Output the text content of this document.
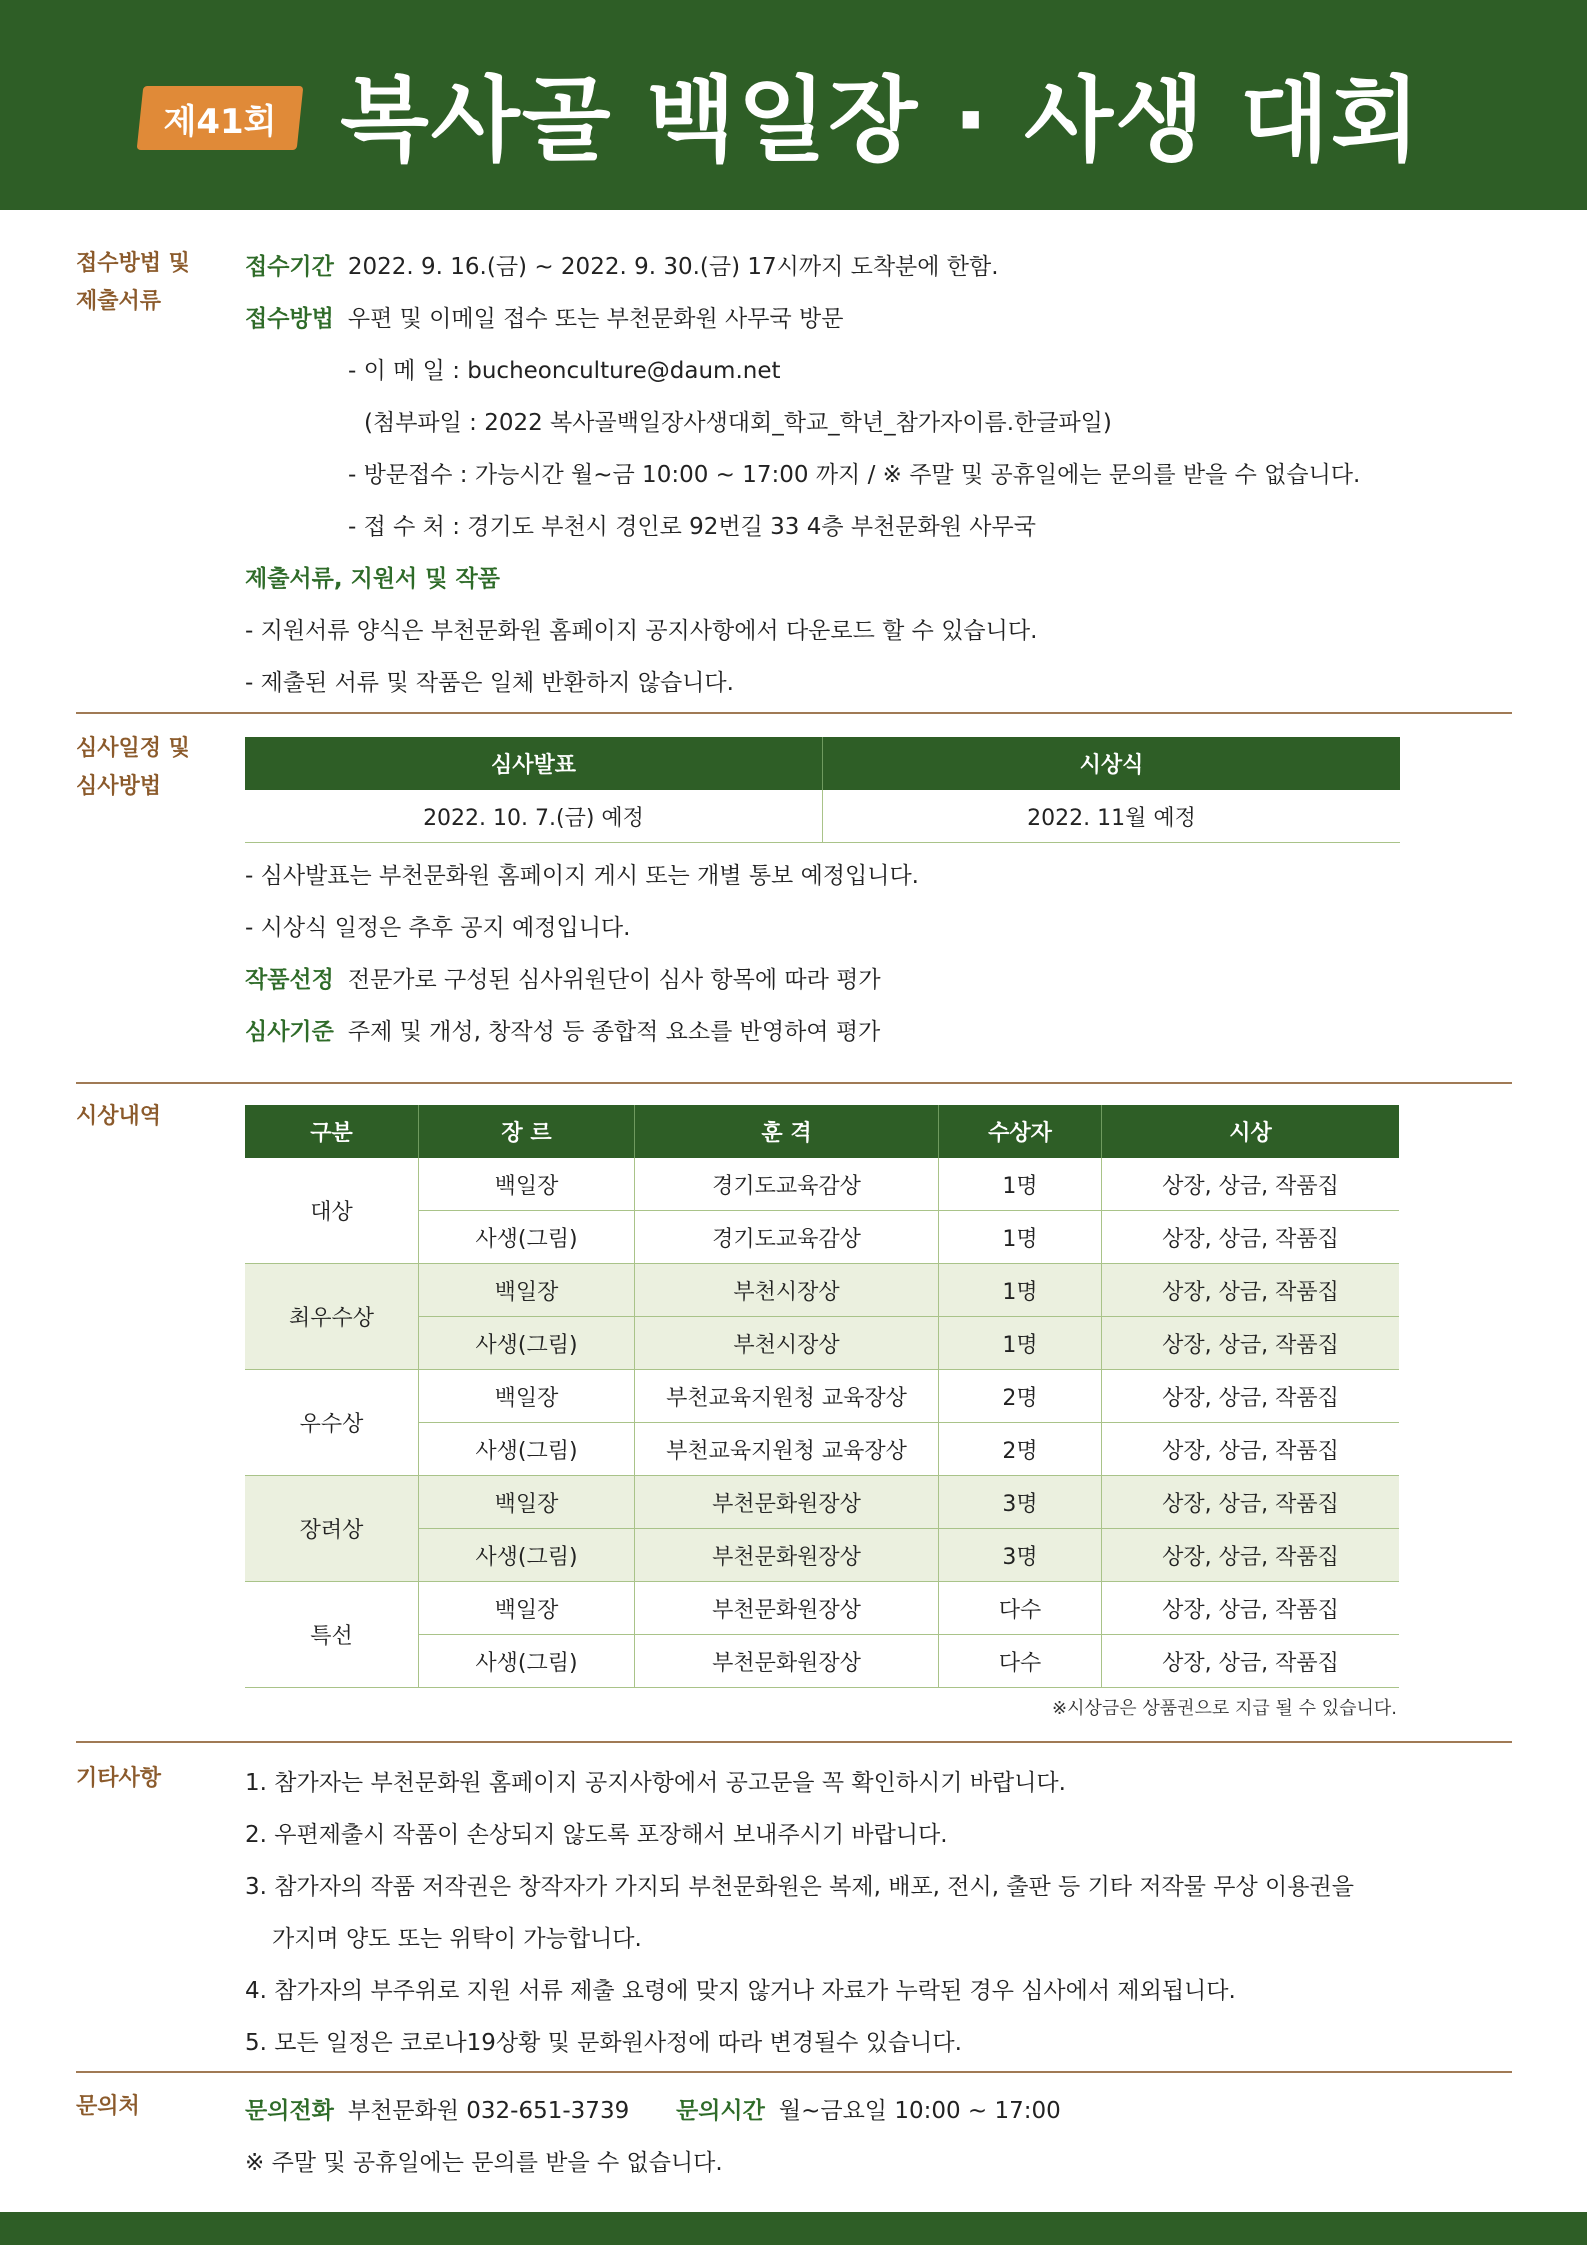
제41회 복사골 백일장 · 사생 대회
접수방법 및
제출서류
접수기간 2022. 9. 16.(금) ~ 2022. 9. 30.(금) 17시까지 도착분에 한함.
접수방법 우편 및 이메일 접수 또는 부천문화원 사무국 방문
- 이 메 일 : bucheonculture@daum.net
(첨부파일 : 2022 복사골백일장사생대회_학교_학년_참가자이름.한글파일)
- 방문접수 : 가능시간 월~금 10:00 ~ 17:00 까지 / ※ 주말 및 공휴일에는 문의를 받을 수 없습니다.
- 접 수 처 : 경기도 부천시 경인로 92번길 33 4층 부천문화원 사무국
제출서류, 지원서 및 작품
- 지원서류 양식은 부천문화원 홈페이지 공지사항에서 다운로드 할 수 있습니다.
- 제출된 서류 및 작품은 일체 반환하지 않습니다.
심사일정 및
심사방법
심사발표	시상식
2022. 10. 7.(금) 예정	2022. 11월 예정
- 심사발표는 부천문화원 홈페이지 게시 또는 개별 통보 예정입니다.
- 시상식 일정은 추후 공지 예정입니다.
작품선정 전문가로 구성된 심사위원단이 심사 항목에 따라 평가
심사기준 주제 및 개성, 창작성 등 종합적 요소를 반영하여 평가
시상내역
구분	장 르	훈 격	수상자	시상
대상	백일장	경기도교육감상	1명	상장, 상금, 작품집
	사생(그림)	경기도교육감상	1명	상장, 상금, 작품집
최우수상	백일장	부천시장상	1명	상장, 상금, 작품집
	사생(그림)	부천시장상	1명	상장, 상금, 작품집
우수상	백일장	부천교육지원청 교육장상	2명	상장, 상금, 작품집
	사생(그림)	부천교육지원청 교육장상	2명	상장, 상금, 작품집
장려상	백일장	부천문화원장상	3명	상장, 상금, 작품집
	사생(그림)	부천문화원장상	3명	상장, 상금, 작품집
특선	백일장	부천문화원장상	다수	상장, 상금, 작품집
	사생(그림)	부천문화원장상	다수	상장, 상금, 작품집
※시상금은 상품권으로 지급 될 수 있습니다.
기타사항	1. 참가자는 부천문화원 홈페이지 공지사항에서 공고문을 꼭 확인하시기 바랍니다.
2. 우편제출시 작품이 손상되지 않도록 포장해서 보내주시기 바랍니다.
3. 참가자의 작품 저작권은 창작자가 가지되 부천문화원은 복제, 배포, 전시, 출판 등 기타 저작물 무상 이용권을
가지며 양도 또는 위탁이 가능합니다.
4. 참가자의 부주위로 지원 서류 제출 요령에 맞지 않거나 자료가 누락된 경우 심사에서 제외됩니다.
5. 모든 일정은 코로나19상황 및 문화원사정에 따라 변경될수 있습니다.
문의처	문의전화 부천문화원 032-651-3739 문의시간 월~금요일 10:00 ~ 17:00
※ 주말 및 공휴일에는 문의를 받을 수 없습니다.
